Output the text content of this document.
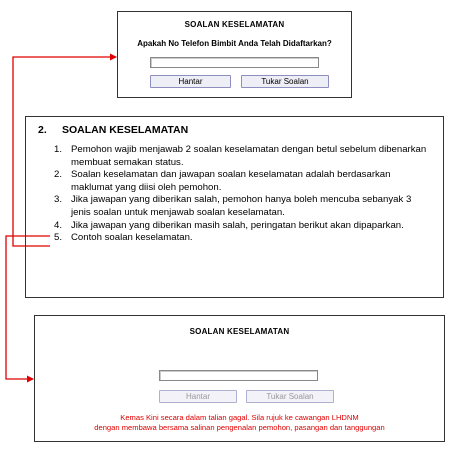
SOALAN KESELAMATAN
Apakah No Telefon Bimbit Anda Telah Didaftarkan?
Hantar	Tukar Soalan
2. SOALAN KESELAMATAN
1. Pemohon wajib menjawab 2 soalan keselamatan dengan betul sebelum dibenarkan membuat semakan status.
2. Soalan keselamatan dan jawapan soalan keselamatan adalah berdasarkan maklumat yang diisi oleh pemohon.
3. Jika jawapan yang diberikan salah, pemohon hanya boleh mencuba sebanyak 3 jenis soalan untuk menjawab soalan keselamatan.
4. Jika jawapan yang diberikan masih salah, peringatan berikut akan dipaparkan.
5. Contoh soalan keselamatan.
SOALAN KESELAMATAN
Hantar	Tukar Soalan
Kemas Kini secara dalam talian gagal. Sila rujuk ke cawangan LHDNM
dengan membawa bersama salinan pengenalan pemohon, pasangan dan tanggungan
